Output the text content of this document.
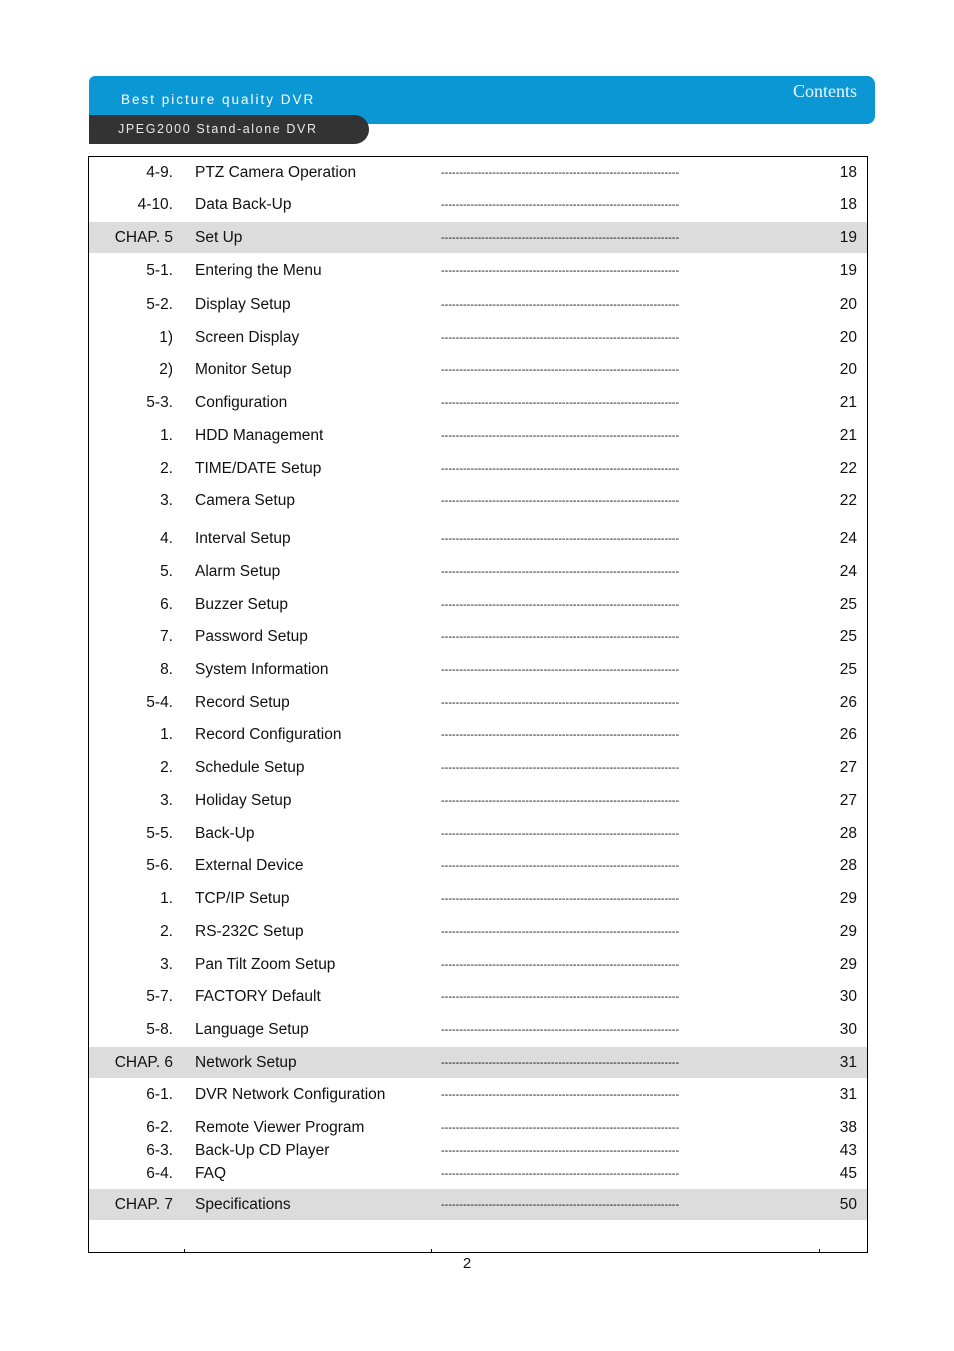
Best picture quality DVR	Contents
JPEG2000 Stand-alone DVR
4-9. PTZ Camera Operation	-----------------------------------------------------------------	18
4-10. Data Back-Up	-----------------------------------------------------------------	18
CHAP. 5 Set Up	-----------------------------------------------------------------	19
5-1. Entering the Menu	-----------------------------------------------------------------	19
5-2. Display Setup	-----------------------------------------------------------------	20
1) Screen Display	-----------------------------------------------------------------	20
2) Monitor Setup	-----------------------------------------------------------------	20
5-3. Configuration	-----------------------------------------------------------------	21
1. HDD Management	-----------------------------------------------------------------	21
2. TIME/DATE Setup	-----------------------------------------------------------------	22
3. Camera Setup	-----------------------------------------------------------------	22
4. Interval Setup	-----------------------------------------------------------------	24
5. Alarm Setup	-----------------------------------------------------------------	24
6. Buzzer Setup	-----------------------------------------------------------------	25
7. Password Setup	-----------------------------------------------------------------	25
8. System Information	-----------------------------------------------------------------	25
5-4. Record Setup	-----------------------------------------------------------------	26
1. Record Configuration	-----------------------------------------------------------------	26
2. Schedule Setup	-----------------------------------------------------------------	27
3. Holiday Setup	-----------------------------------------------------------------	27
5-5. Back-Up	-----------------------------------------------------------------	28
5-6. External Device	-----------------------------------------------------------------	28
1. TCP/IP Setup	-----------------------------------------------------------------	29
2. RS-232C Setup	-----------------------------------------------------------------	29
3. Pan Tilt Zoom Setup	-----------------------------------------------------------------	29
5-7. FACTORY Default	-----------------------------------------------------------------	30
5-8. Language Setup	-----------------------------------------------------------------	30
CHAP. 6 Network Setup	-----------------------------------------------------------------	31
6-1. DVR Network Configuration	-----------------------------------------------------------------	31
6-2. Remote Viewer Program	-----------------------------------------------------------------	38
6-3. Back-Up CD Player	-----------------------------------------------------------------	43
6-4. FAQ	-----------------------------------------------------------------	45
CHAP. 7 Specifications	-----------------------------------------------------------------	50
2
